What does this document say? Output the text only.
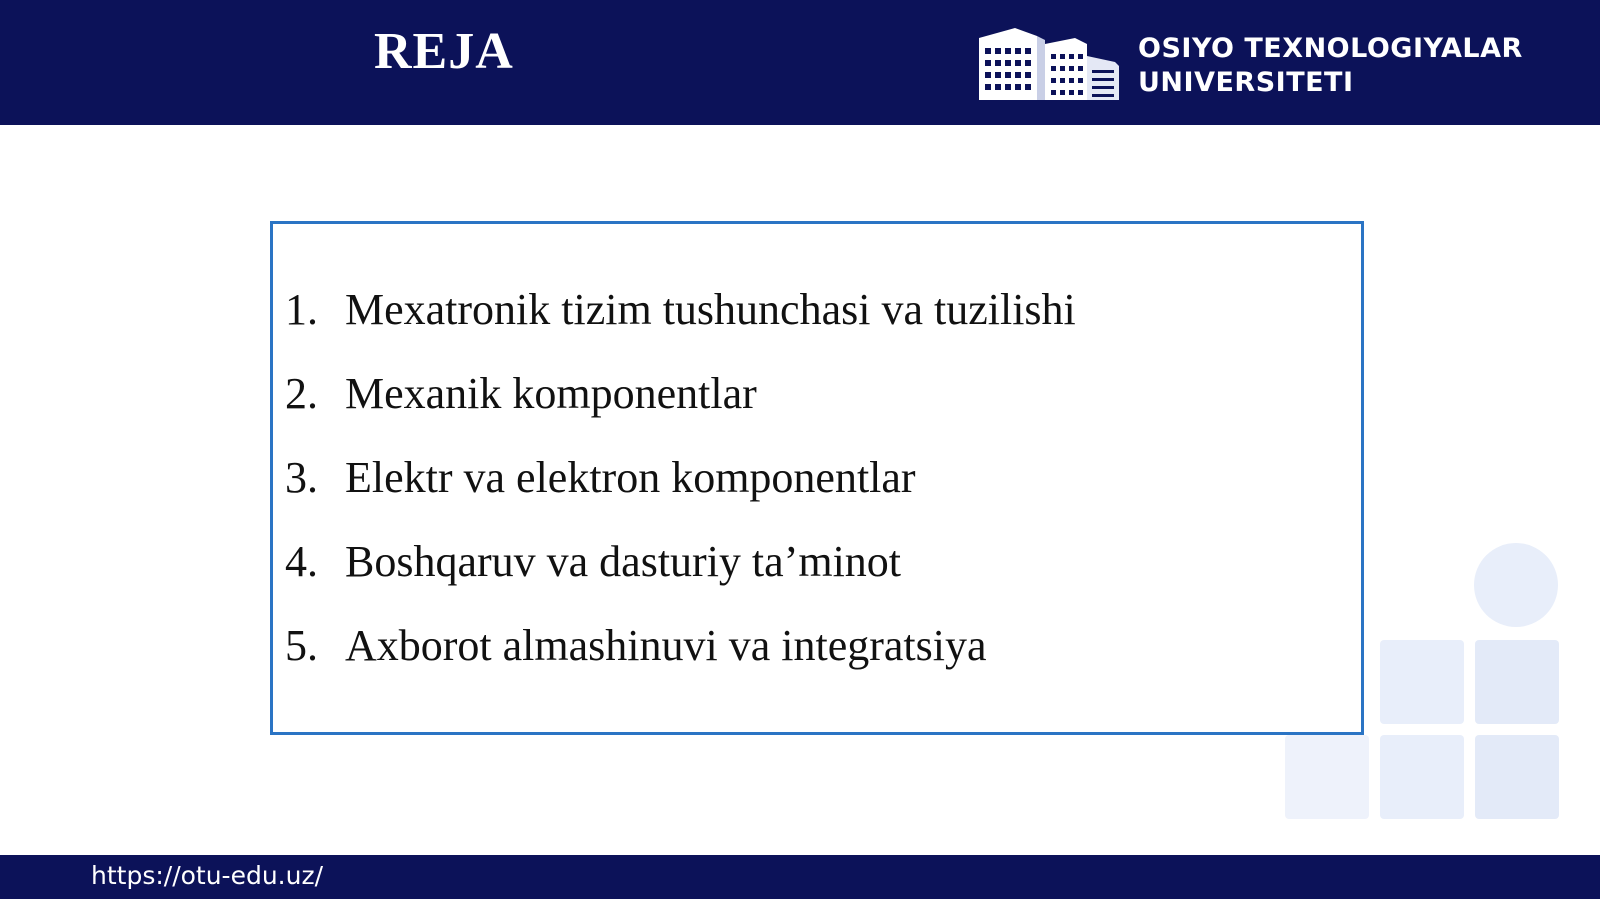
REJA	OSIYO TEXNOLOGIYALAR
UNIVERSITETI
1. Mexatronik tizim tushunchasi va tuzilishi
2. Mexanik komponentlar
3. Elektr va elektron komponentlar
4. Boshqaruv va dasturiy ta’minot
5. Axborot almashinuvi va integratsiya
https://otu-edu.uz/
